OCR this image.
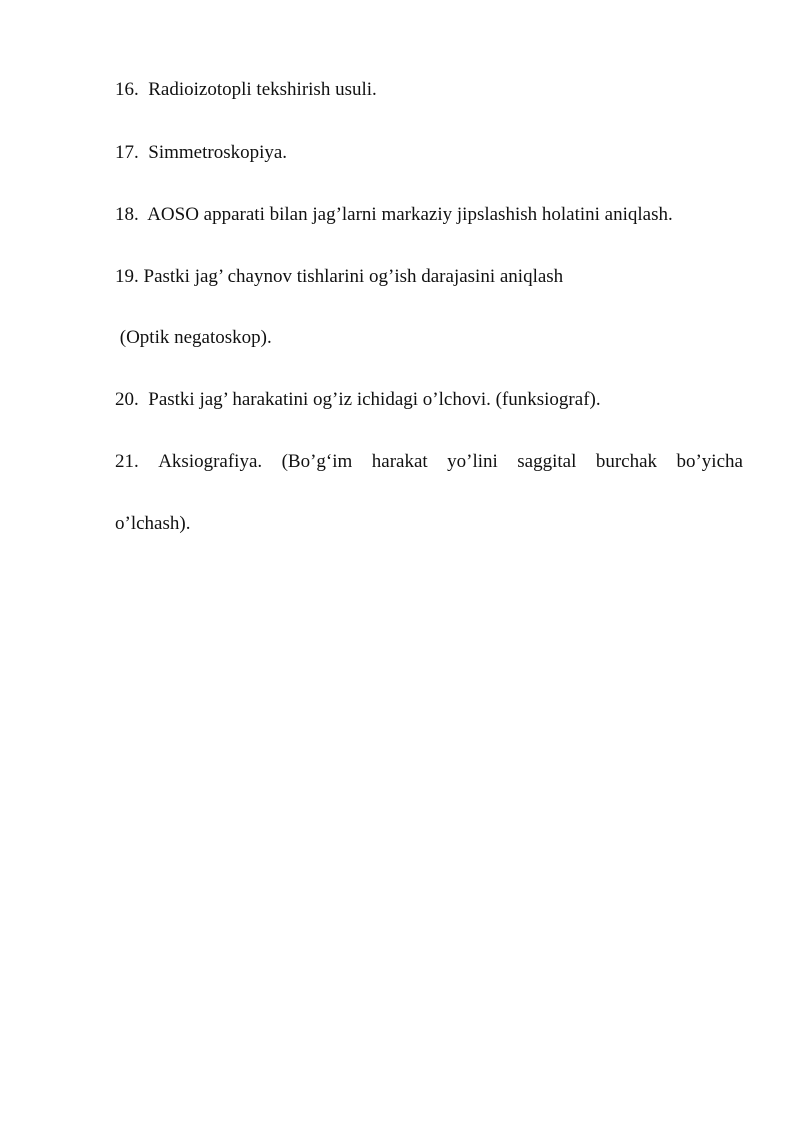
16.  Radioizotopli tekshirish usuli.
17.  Simmetroskopiya.
18.  AOSO apparati bilan jag’larni markaziy jipslashish holatini aniqlash.
19. Pastki jag’ chaynov tishlarini og’ish darajasini aniqlash
(Optik negatoskop).
20.  Pastki jag’ harakatini og’iz ichidagi o’lchovi. (funksiograf).
21. Aksiografiya. (Bo’g‘im harakat yo’lini saggital burchak bo’yicha
o’lchash).
